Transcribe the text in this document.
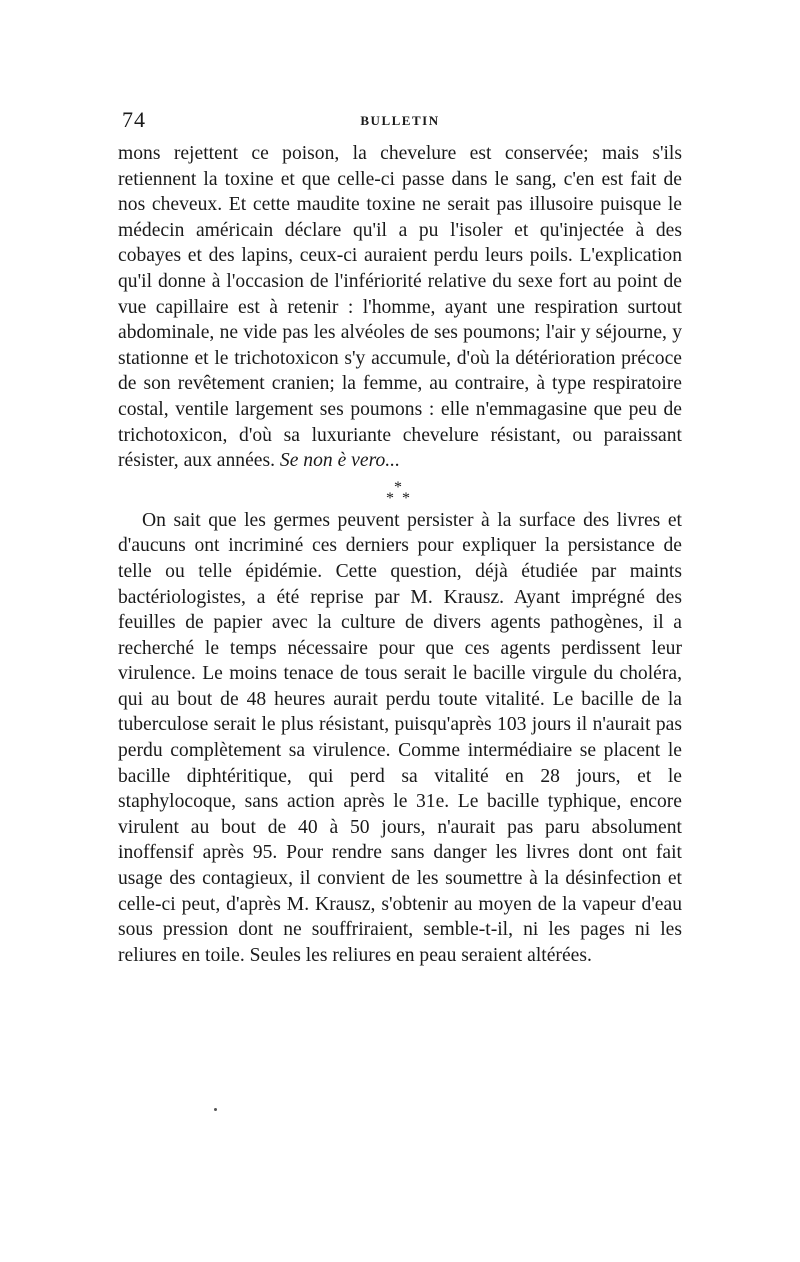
74	BULLETIN

mons rejettent ce poison, la chevelure est conservée; mais s'ils retiennent la toxine et que celle-ci passe dans le sang, c'en est fait de nos cheveux. Et cette maudite toxine ne serait pas illusoire puisque le médecin américain déclare qu'il a pu l'isoler et qu'injectée à des cobayes et des lapins, ceux-ci auraient perdu leurs poils. L'explication qu'il donne à l'occasion de l'infériorité relative du sexe fort au point de vue capillaire est à retenir : l'homme, ayant une respiration surtout abdominale, ne vide pas les alvéoles de ses poumons; l'air y séjourne, y stationne et le trichotoxicon s'y accumule, d'où la détérioration précoce de son revêtement cranien; la femme, au contraire, à type respiratoire costal, ventile largement ses poumons : elle n'emmagasine que peu de trichotoxicon, d'où sa luxuriante chevelure résistant, ou paraissant résister, aux années. Se non è vero...

*
* *

On sait que les germes peuvent persister à la surface des livres et d'aucuns ont incriminé ces derniers pour expliquer la persistance de telle ou telle épidémie. Cette question, déjà étudiée par maints bactériologistes, a été reprise par M. Krausz. Ayant imprégné des feuilles de papier avec la culture de divers agents pathogènes, il a recherché le temps nécessaire pour que ces agents perdissent leur virulence. Le moins tenace de tous serait le bacille virgule du choléra, qui au bout de 48 heures aurait perdu toute vitalité. Le bacille de la tuberculose serait le plus résistant, puisqu'après 103 jours il n'aurait pas perdu complètement sa virulence. Comme intermédiaire se placent le bacille diphtéritique, qui perd sa vitalité en 28 jours, et le staphylocoque, sans action après le 31e. Le bacille typhique, encore virulent au bout de 40 à 50 jours, n'aurait pas paru absolument inoffensif après 95. Pour rendre sans danger les livres dont ont fait usage des contagieux, il convient de les soumettre à la désinfection et celle-ci peut, d'après M. Krausz, s'obtenir au moyen de la vapeur d'eau sous pression dont ne souffriraient, semble-t-il, ni les pages ni les reliures en toile. Seules les reliures en peau seraient altérées.
